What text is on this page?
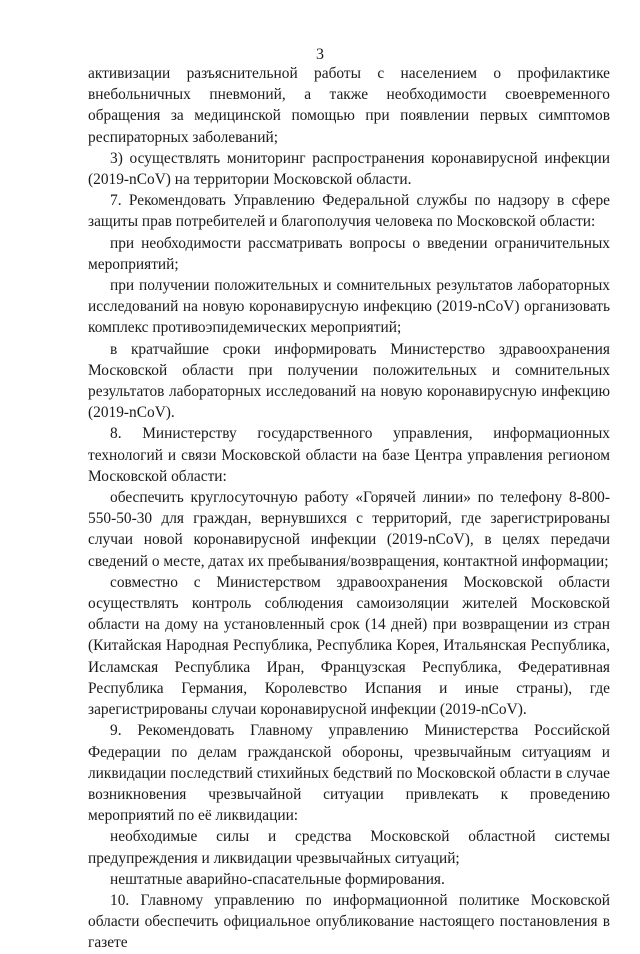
3

активизации разъяснительной работы с населением о профилактике внебольничных пневмоний, а также необходимости своевременного обращения за медицинской помощью при появлении первых симптомов респираторных заболеваний;

3) осуществлять мониторинг распространения коронавирусной инфекции (2019-nCoV) на территории Московской области.

7. Рекомендовать Управлению Федеральной службы по надзору в сфере защиты прав потребителей и благополучия человека по Московской области:

при необходимости рассматривать вопросы о введении ограничительных мероприятий;

при получении положительных и сомнительных результатов лабораторных исследований на новую коронавирусную инфекцию (2019-nCoV) организовать комплекс противоэпидемических мероприятий;

в кратчайшие сроки информировать Министерство здравоохранения Московской области при получении положительных и сомнительных результатов лабораторных исследований на новую коронавирусную инфекцию (2019-nCoV).

8. Министерству государственного управления, информационных технологий и связи Московской области на базе Центра управления регионом Московской области:

обеспечить круглосуточную работу «Горячей линии» по телефону 8-800-550-50-30 для граждан, вернувшихся с территорий, где зарегистрированы случаи новой коронавирусной инфекции (2019-nCoV), в целях передачи сведений о месте, датах их пребывания/возвращения, контактной информации;

совместно с Министерством здравоохранения Московской области осуществлять контроль соблюдения самоизоляции жителей Московской области на дому на установленный срок (14 дней) при возвращении из стран (Китайская Народная Республика, Республика Корея, Итальянская Республика, Исламская Республика Иран, Французская Республика, Федеративная Республика Германия, Королевство Испания и иные страны), где зарегистрированы случаи коронавирусной инфекции (2019-nCoV).

9. Рекомендовать Главному управлению Министерства Российской Федерации по делам гражданской обороны, чрезвычайным ситуациям и ликвидации последствий стихийных бедствий по Московской области в случае возникновения чрезвычайной ситуации привлекать к проведению мероприятий по её ликвидации:

необходимые силы и средства Московской областной системы предупреждения и ликвидации чрезвычайных ситуаций;

нештатные аварийно-спасательные формирования.

10. Главному управлению по информационной политике Московской области обеспечить официальное опубликование настоящего постановления в газете
